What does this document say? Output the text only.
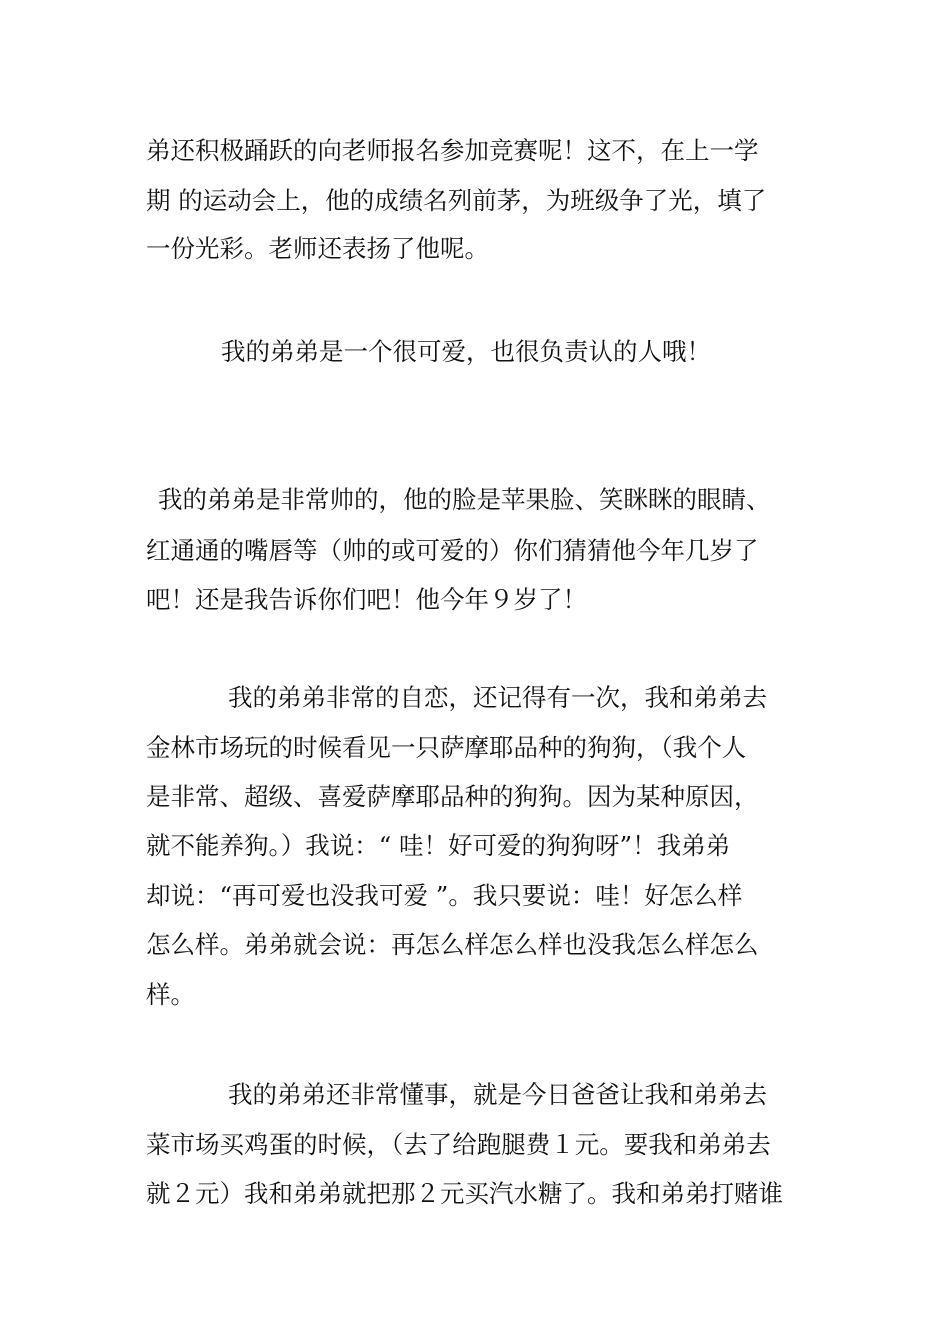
弟还积极踊跃的向老师报名参加竞赛呢！这不，在上一学
期 的运动会上，他的成绩名列前茅，为班级争了光，填了
一份光彩。老师还表扬了他呢。
我的弟弟是一个很可爱，也很负责认的人哦！
我的弟弟是非常帅的，他的脸是苹果脸、笑眯眯的眼睛、
红通通的嘴唇等（帅的或可爱的）你们猜猜他今年几岁了
吧！还是我告诉你们吧！他今年９岁了！
我的弟弟非常的自恋，还记得有一次，我和弟弟去
金林市场玩的时候看见一只萨摩耶品种的狗狗，（我个人
是非常、超级、喜爱萨摩耶品种的狗狗。因为某种原因，
就不能养狗。）我说：“ 哇！好可爱的狗狗呀”！我弟弟
却说：“再可爱也没我可爱 ”。我只要说：哇！好怎么样
怎么样。弟弟就会说：再怎么样怎么样也没我怎么样怎么
样。
我的弟弟还非常懂事，就是今日爸爸让我和弟弟去
菜市场买鸡蛋的时候，（去了给跑腿费１元。要我和弟弟去
就２元）我和弟弟就把那２元买汽水糖了。我和弟弟打赌谁
